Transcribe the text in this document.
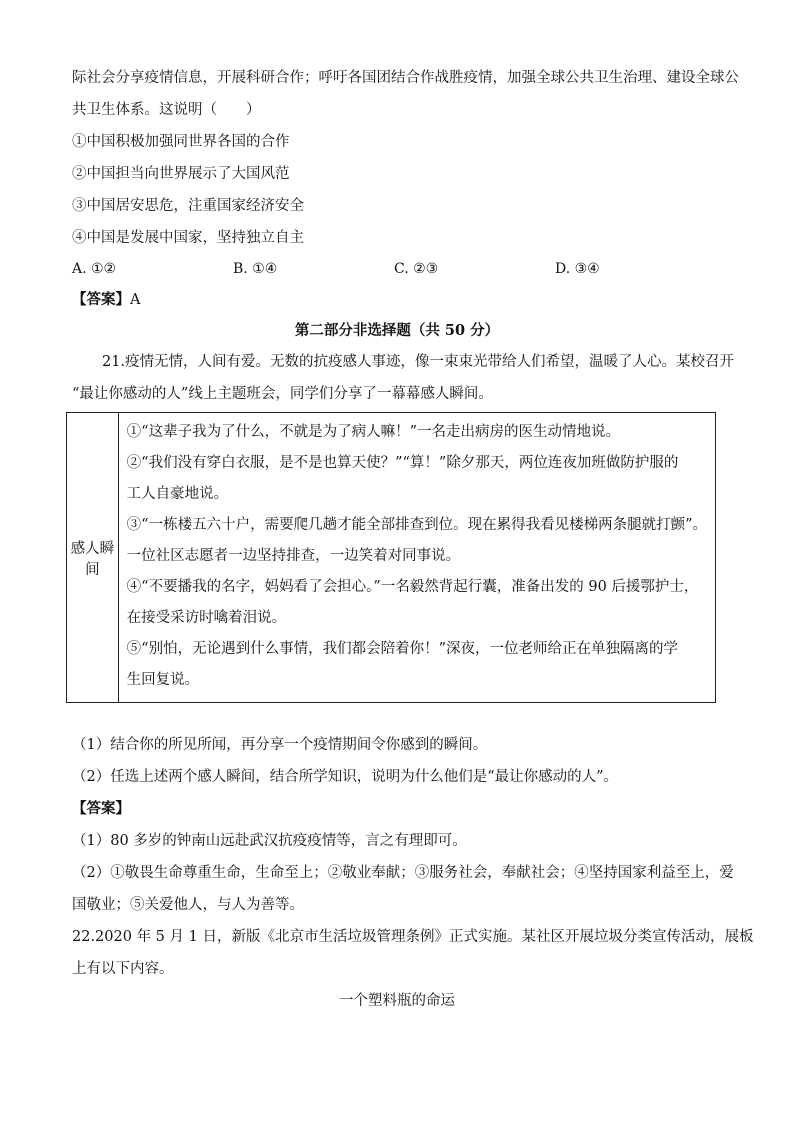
际社会分享疫情信息，开展科研合作；呼吁各国团结合作战胜疫情，加强全球公共卫生治理、建设全球公
共卫生体系。这说明（　　）
①中国积极加强同世界各国的合作
②中国担当向世界展示了大国风范
③中国居安思危，注重国家经济安全
④中国是发展中国家，坚持独立自主
A. ①②	B. ①④	C. ②③	D. ③④
【答案】A
第二部分非选择题（共 50 分）
21.疫情无情，人间有爱。无数的抗疫感人事迹，像一束束光带给人们希望，温暖了人心。某校召开
“最让你感动的人”线上主题班会，同学们分享了一幕幕感人瞬间。
感人瞬间	
①“这辈子我为了什么，不就是为了病人嘛！”一名走出病房的医生动情地说。
②“我们没有穿白衣服，是不是也算天使？”“算！”除夕那天，两位连夜加班做防护服的
工人自豪地说。
③“一栋楼五六十户，需要爬几趟才能全部排查到位。现在累得我看见楼梯两条腿就打颤”。
一位社区志愿者一边坚持排查，一边笑着对同事说。
④“不要播我的名字，妈妈看了会担心。”一名毅然背起行囊，准备出发的 90 后援鄂护士，
在接受采访时噙着泪说。
⑤“别怕，无论遇到什么事情，我们都会陪着你！”深夜，一位老师给正在单独隔离的学
生回复说。
（1）结合你的所见所闻，再分享一个疫情期间令你感到的瞬间。
（2）任选上述两个感人瞬间，结合所学知识，说明为什么他们是“最让你感动的人”。
【答案】
（1）80 多岁的钟南山远赴武汉抗疫疫情等，言之有理即可。
（2）①敬畏生命尊重生命，生命至上；②敬业奉献；③服务社会，奉献社会；④坚持国家利益至上，爱
国敬业；⑤关爱他人，与人为善等。
22.2020 年 5 月 1 日，新版《北京市生活垃圾管理条例》正式实施。某社区开展垃圾分类宣传活动，展板
上有以下内容。
一个塑料瓶的命运
